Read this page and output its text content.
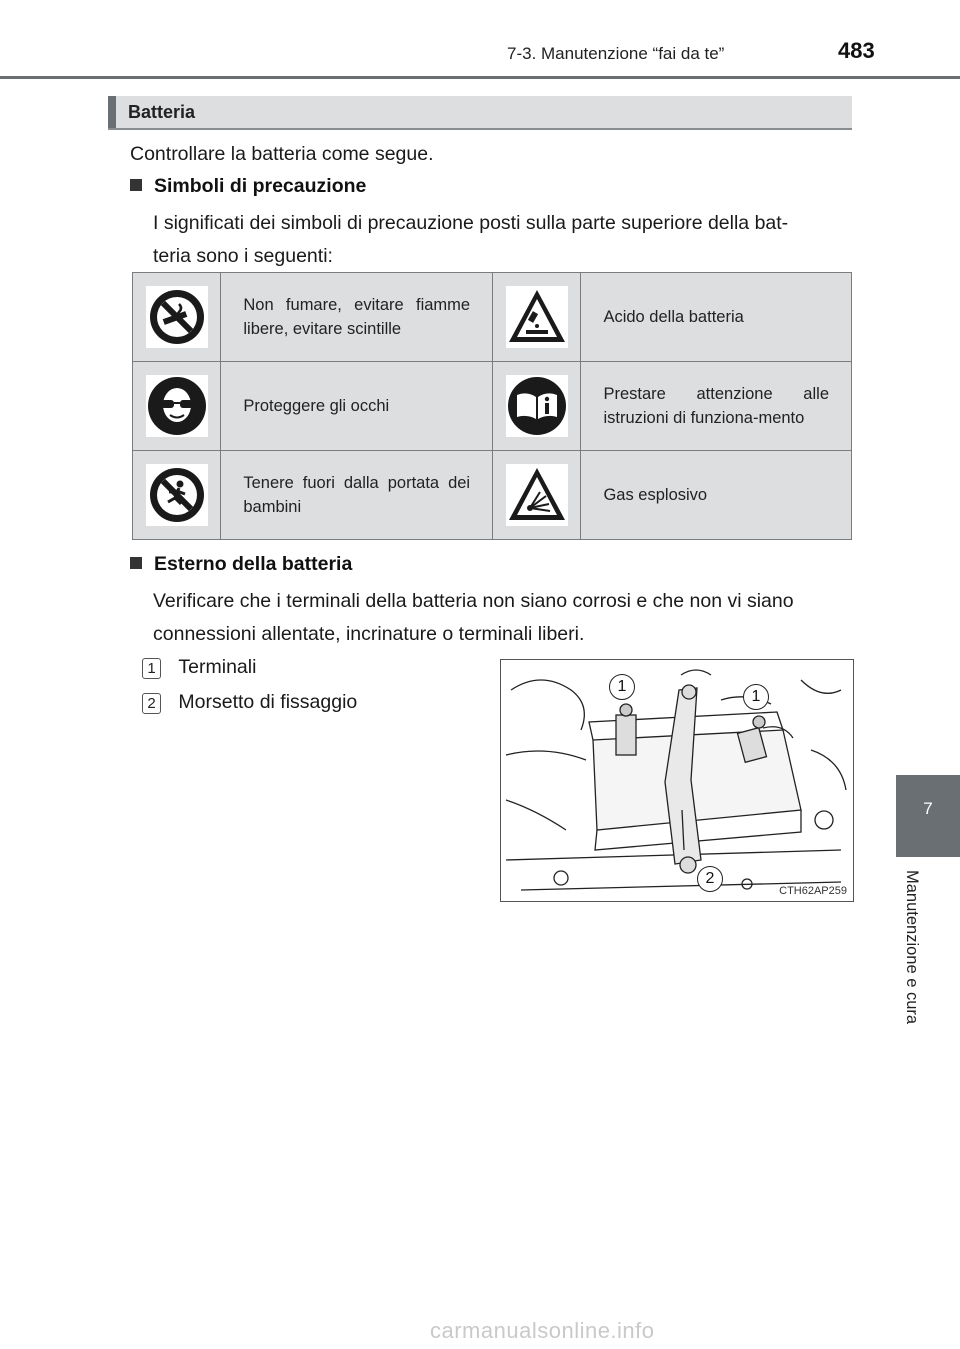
7-3. Manutenzione “fai da te”	483
Batteria
Controllare la batteria come segue.
Simboli di precauzione
I significati dei simboli di precauzione posti sulla parte superiore della bat-
teria sono i seguenti:
	Non fumare, evitare fiamme libere, evitare scintille		Acido della batteria

	Proteggere gli occhi		Prestare attenzione alle istruzioni di funziona-mento

	Tenere fuori dalla portata dei bambini		Gas esplosivo
Esterno della batteria
Verificare che i terminali della batteria non siano corrosi e che non vi siano
connessioni allentate, incrinature o terminali liberi.
1 Terminali
2 Morsetto di fissaggio
1
1
2
CTH62AP259
7
Manutenzione e cura
carmanualsonline.info
